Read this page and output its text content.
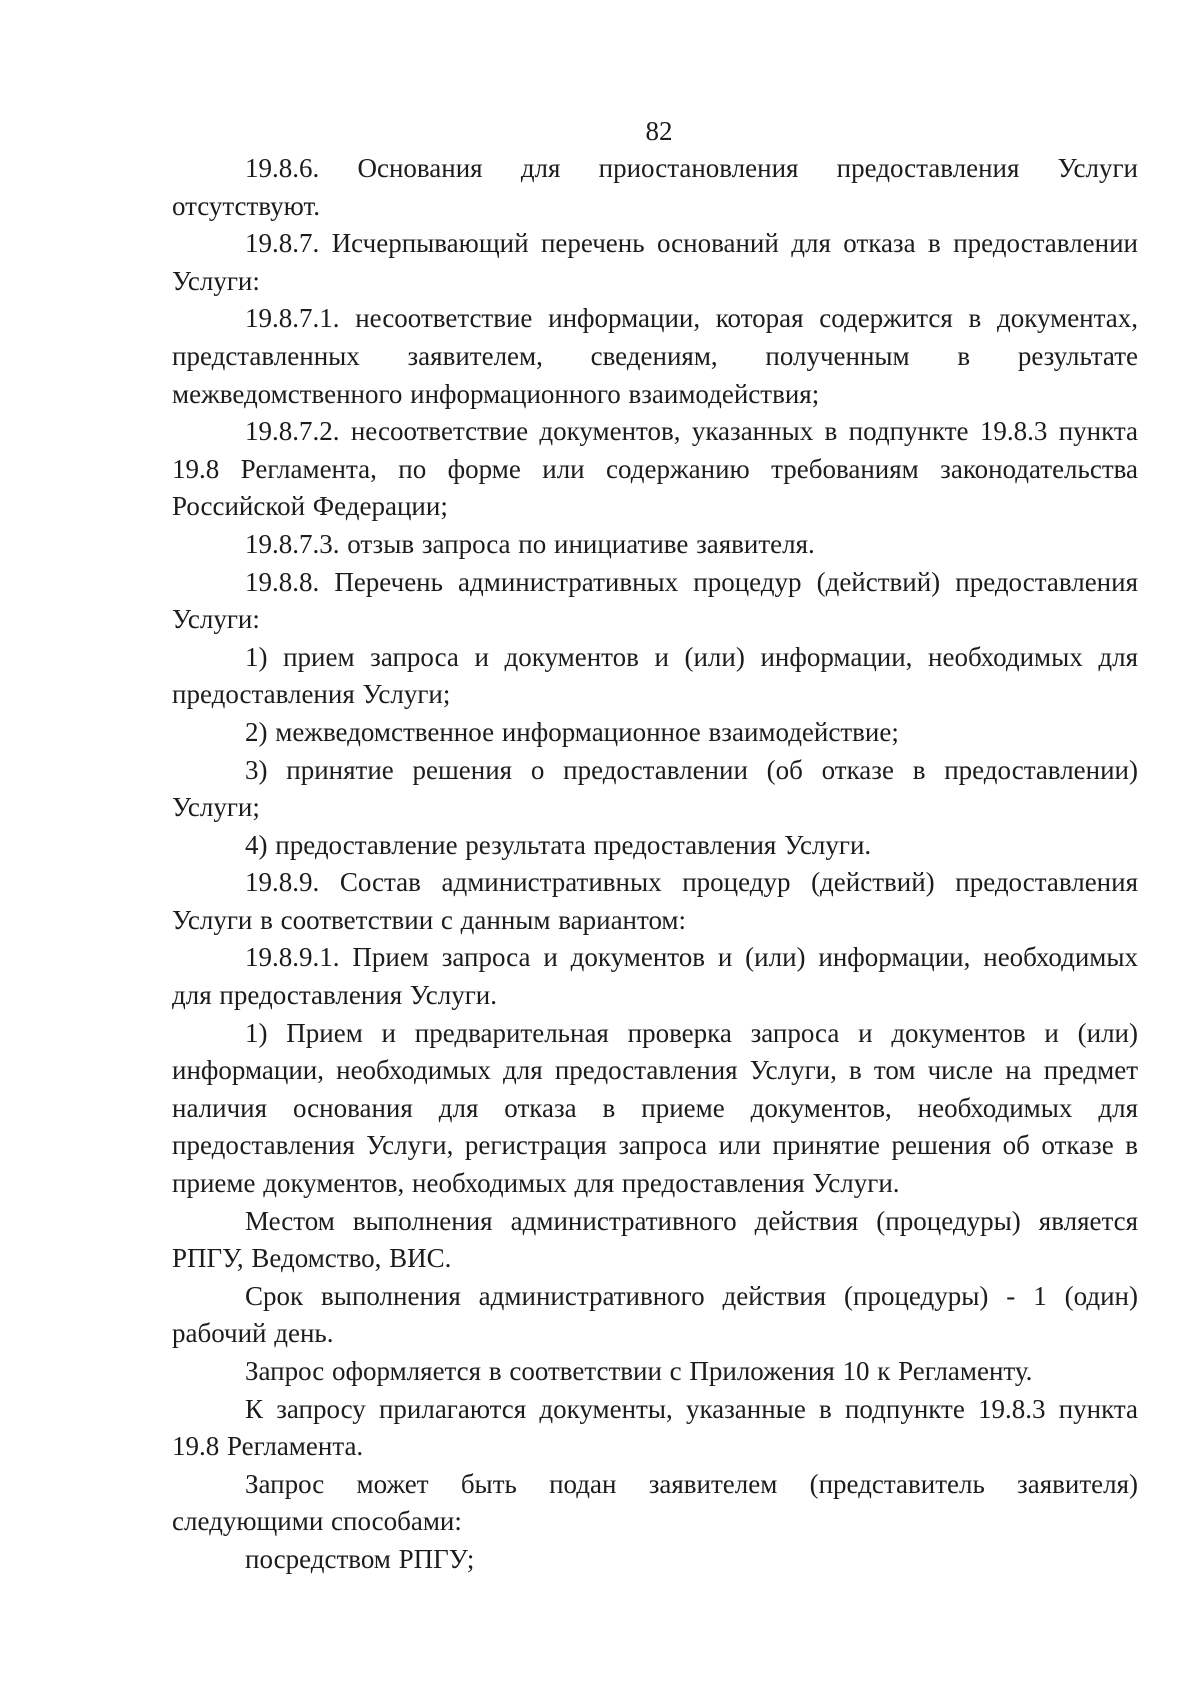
82

19.8.6. Основания для приостановления предоставления Услуги отсутствуют.

19.8.7. Исчерпывающий перечень оснований для отказа в предоставлении Услуги:

19.8.7.1. несоответствие информации, которая содержится в документах, представленных заявителем, сведениям, полученным в результате межведомственного информационного взаимодействия;

19.8.7.2. несоответствие документов, указанных в подпункте 19.8.3 пункта 19.8 Регламента, по форме или содержанию требованиям законодательства Российской Федерации;

19.8.7.3. отзыв запроса по инициативе заявителя.

19.8.8. Перечень административных процедур (действий) предоставления Услуги:

1) прием запроса и документов и (или) информации, необходимых для предоставления Услуги;

2) межведомственное информационное взаимодействие;

3) принятие решения о предоставлении (об отказе в предоставлении) Услуги;

4) предоставление результата предоставления Услуги.

19.8.9. Состав административных процедур (действий) предоставления Услуги в соответствии с данным вариантом:

19.8.9.1. Прием запроса и документов и (или) информации, необходимых для предоставления Услуги.

1) Прием и предварительная проверка запроса и документов и (или) информации, необходимых для предоставления Услуги, в том числе на предмет наличия основания для отказа в приеме документов, необходимых для предоставления Услуги, регистрация запроса или принятие решения об отказе в приеме документов, необходимых для предоставления Услуги.

Местом выполнения административного действия (процедуры) является РПГУ, Ведомство, ВИС.

Срок выполнения административного действия (процедуры) - 1 (один) рабочий день.

Запрос оформляется в соответствии с Приложения 10 к Регламенту.

К запросу прилагаются документы, указанные в подпункте 19.8.3 пункта 19.8 Регламента.

Запрос может быть подан заявителем (представитель заявителя) следующими способами:

посредством РПГУ;
